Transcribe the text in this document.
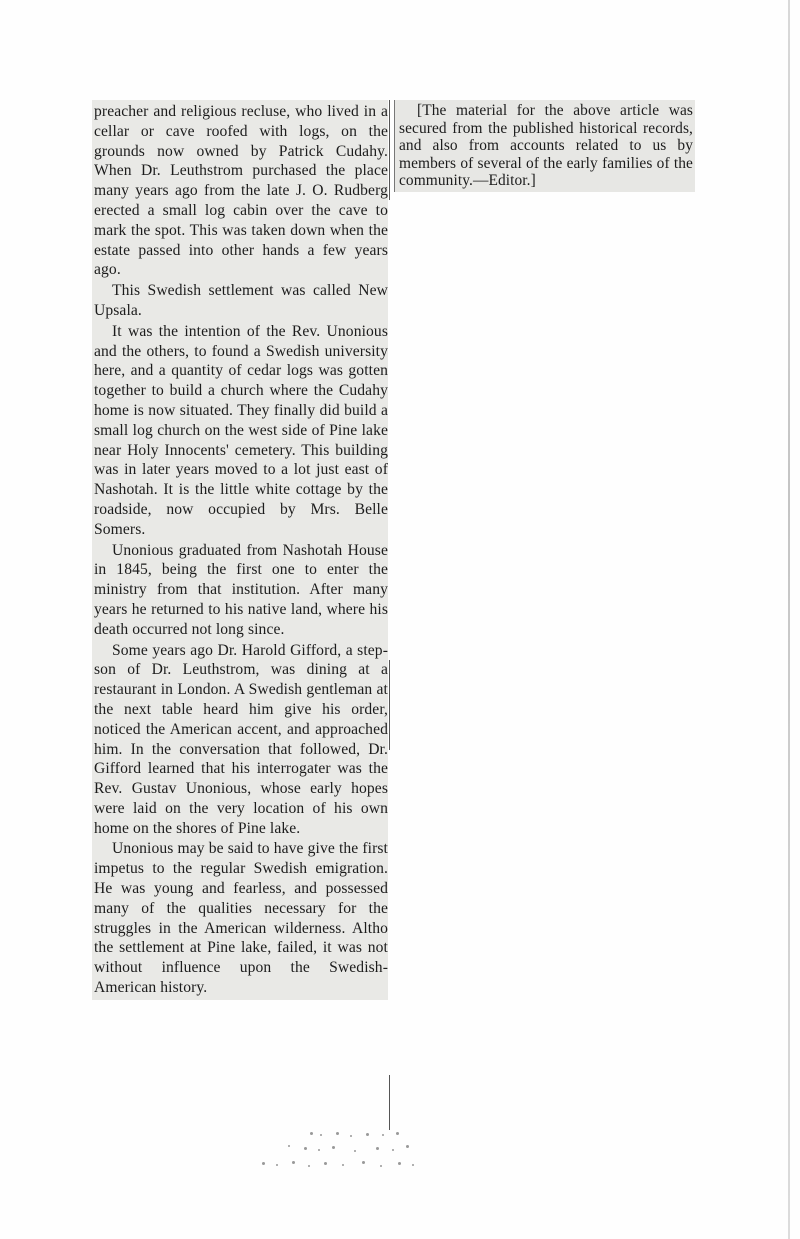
preacher and religious recluse, who lived in a cellar or cave roofed with logs, on the grounds now owned by Patrick Cudahy. When Dr. Leuthstrom purchased the place many years ago from the late J. O. Rudberg erected a small log cabin over the cave to mark the spot. This was taken down when the estate passed into other hands a few years ago.

This Swedish settlement was called New Upsala.

It was the intention of the Rev. Unonious and the others, to found a Swedish university here, and a quantity of cedar logs was gotten together to build a church where the Cudahy home is now situated. They finally did build a small log church on the west side of Pine lake near Holy Innocents' cemetery. This building was in later years moved to a lot just east of Nashotah. It is the little white cottage by the roadside, now occupied by Mrs. Belle Somers.

Unonious graduated from Nashotah House in 1845, being the first one to enter the ministry from that institution. After many years he returned to his native land, where his death occurred not long since.

Some years ago Dr. Harold Gifford, a step-son of Dr. Leuthstrom, was dining at a restaurant in London. A Swedish gentleman at the next table heard him give his order, noticed the American accent, and approached him. In the conversation that followed, Dr. Gifford learned that his interrogater was the Rev. Gustav Unonious, whose early hopes were laid on the very location of his own home on the shores of Pine lake.

Unonious may be said to have give the first impetus to the regular Swedish emigration. He was young and fearless, and possessed many of the qualities necessary for the struggles in the American wilderness. Altho the settlement at Pine lake, failed, it was not without influence upon the Swedish-American history.

[The material for the above article was secured from the published historical records, and also from accounts related to us by members of several of the early families of the community.—Editor.]
